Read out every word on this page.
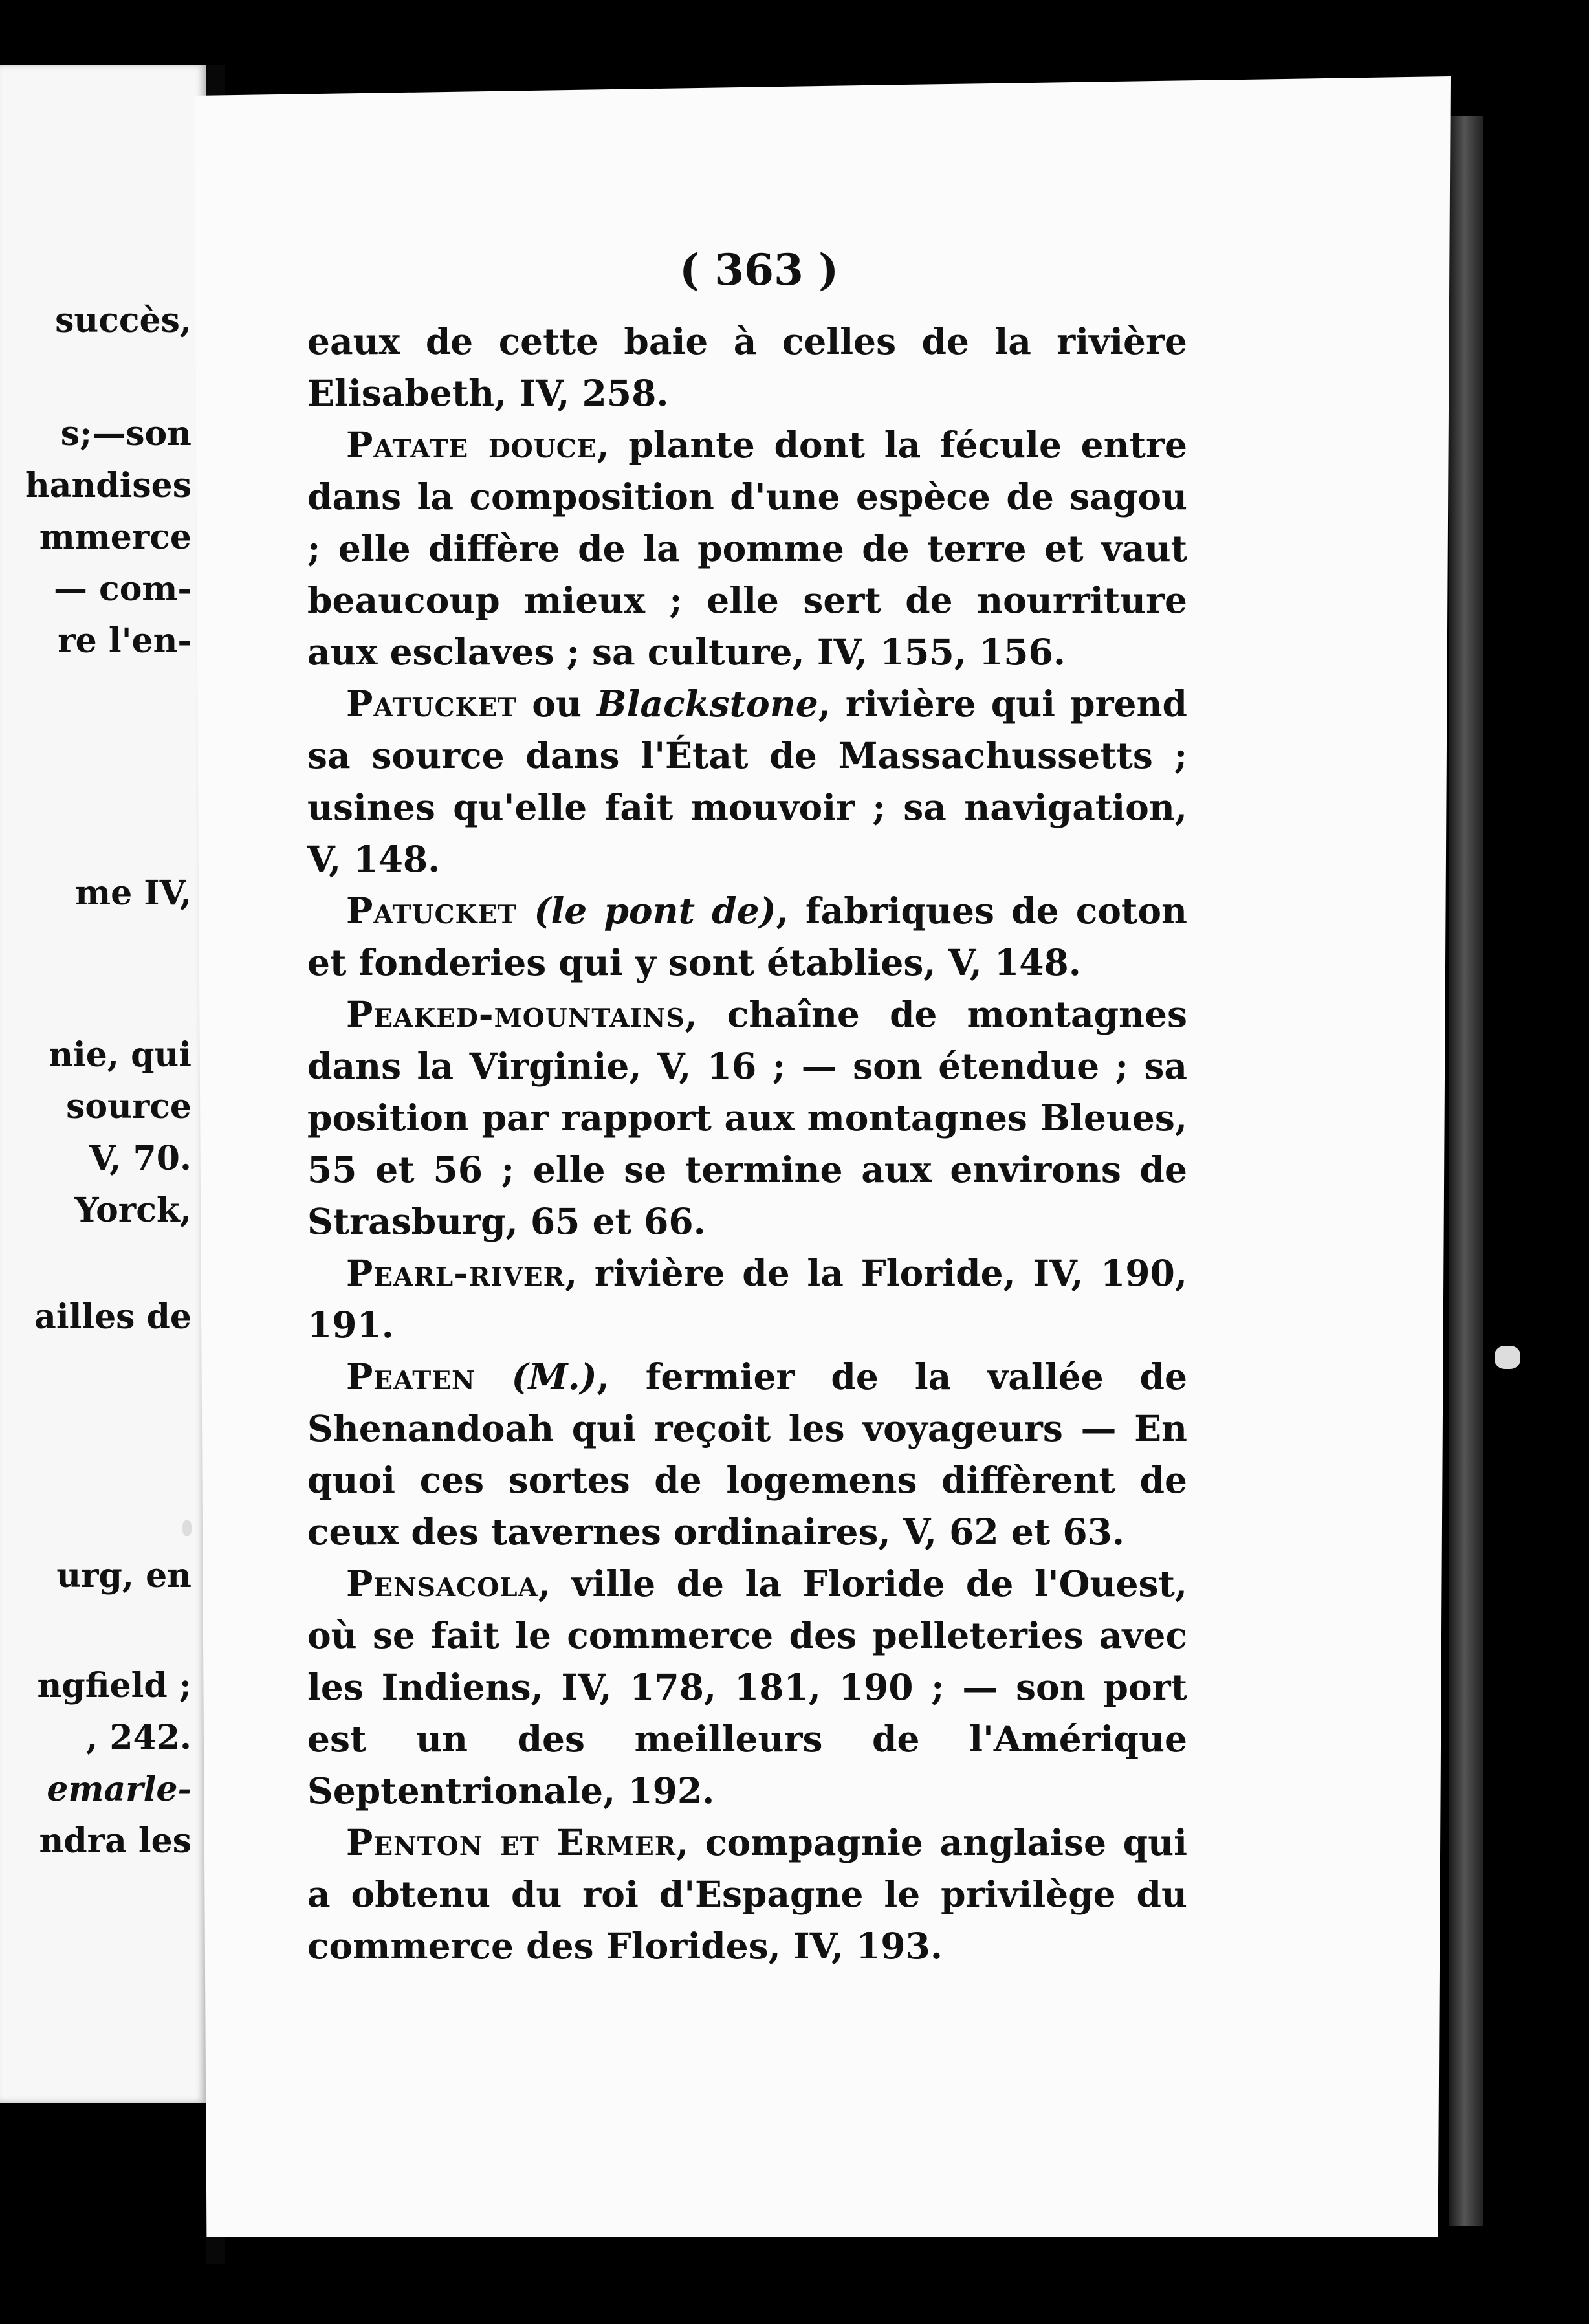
succès,
s;—son
handises
mmerce
— com-
re l'en-
me IV,
nie, qui
source
V, 70.
Yorck,
ailles de
urg, en
ngfield ;
, 242.
emarle-
ndra les
( 363 )

eaux de cette baie à celles de la rivière Elisabeth, IV, 258.

Patate douce, plante dont la fécule entre dans la composition d'une espèce de sagou ; elle diffère de la pomme de terre et vaut beaucoup mieux ; elle sert de nourriture aux esclaves ; sa culture, IV, 155, 156.

Patucket ou Blackstone, rivière qui prend sa source dans l'État de Massachussetts ; usines qu'elle fait mouvoir ; sa navigation, V, 148.

Patucket (le pont de), fabriques de coton et fonderies qui y sont établies, V, 148.

Peaked-mountains, chaîne de montagnes dans la Virginie, V, 16 ; — son étendue ; sa position par rapport aux montagnes Bleues, 55 et 56 ; elle se termine aux environs de Strasburg, 65 et 66.

Pearl-river, rivière de la Floride, IV, 190, 191.

Peaten (M.), fermier de la vallée de Shenandoah qui reçoit les voyageurs — En quoi ces sortes de logemens diffèrent de ceux des tavernes ordinaires, V, 62 et 63.

Pensacola, ville de la Floride de l'Ouest, où se fait le commerce des pelleteries avec les Indiens, IV, 178, 181, 190 ; — son port est un des meilleurs de l'Amérique Septentrionale, 192.

Penton et Ermer, compagnie anglaise qui a obtenu du roi d'Espagne le privilège du commerce des Florides, IV, 193.
